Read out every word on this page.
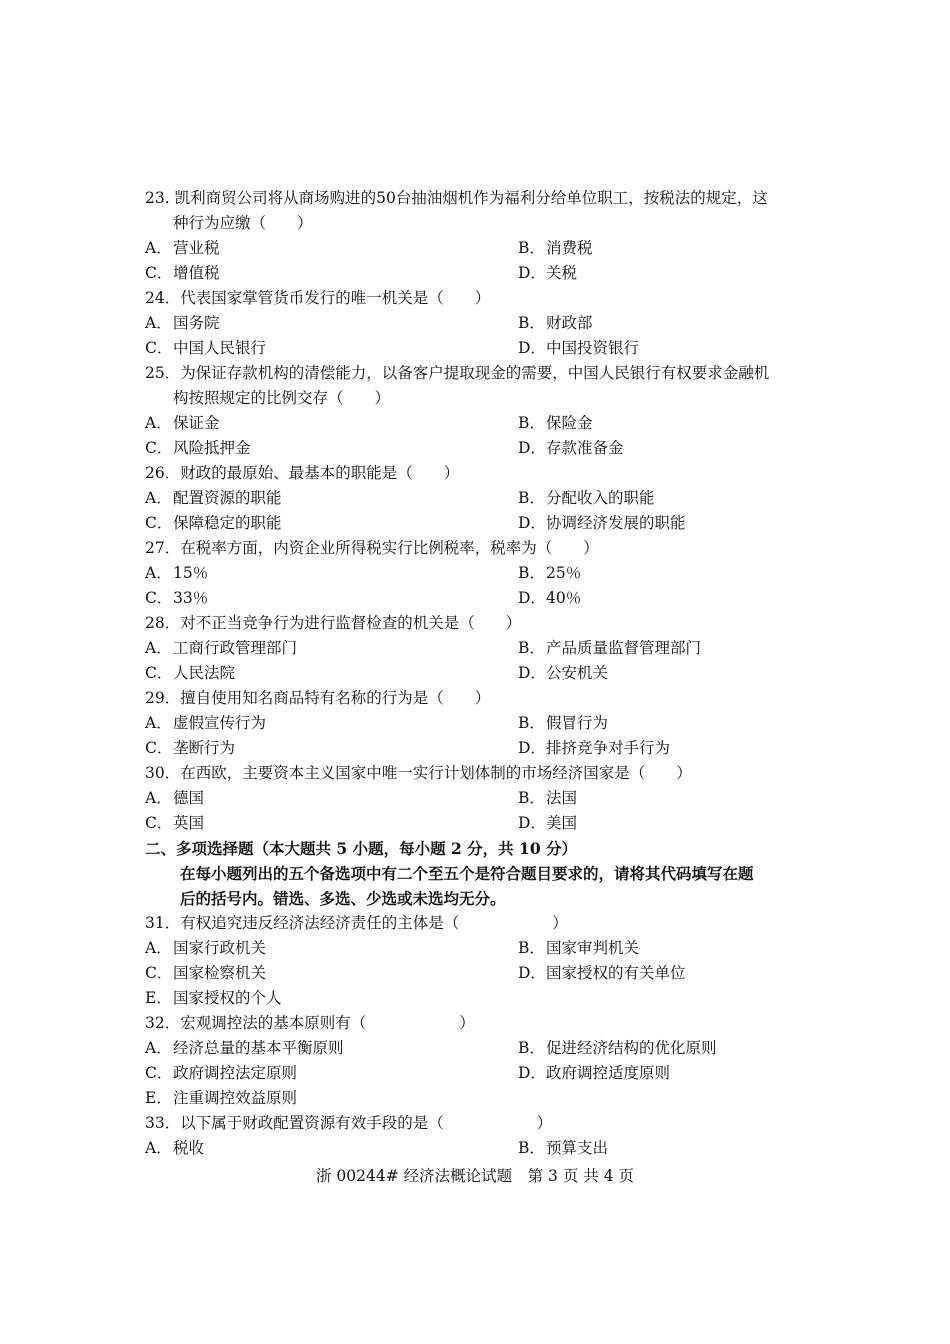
23. 凯利商贸公司将从商场购进的50台抽油烟机作为福利分给单位职工，按税法的规定，这
种行为应缴（　　）
A． 营业税	B． 消费税
C． 增值税	D． 关税
24．代表国家掌管货币发行的唯一机关是（　　）
A． 国务院	B． 财政部
C． 中国人民银行	D． 中国投资银行
25．为保证存款机构的清偿能力，以备客户提取现金的需要，中国人民银行有权要求金融机
构按照规定的比例交存（　　）
A． 保证金	B． 保险金
C． 风险抵押金	D． 存款准备金
26．财政的最原始、最基本的职能是（　　）
A． 配置资源的职能	B． 分配收入的职能
C． 保障稳定的职能	D． 协调经济发展的职能
27．在税率方面，内资企业所得税实行比例税率，税率为（　　）
A． 15％	B． 25％
C． 33％	D． 40％
28．对不正当竞争行为进行监督检查的机关是（　　）
A． 工商行政管理部门	B． 产品质量监督管理部门
C． 人民法院	D． 公安机关
29．擅自使用知名商品特有名称的行为是（　　）
A． 虚假宣传行为	B． 假冒行为
C． 垄断行为	D． 排挤竞争对手行为
30．在西欧，主要资本主义国家中唯一实行计划体制的市场经济国家是（　　）
A． 德国	B． 法国
C． 英国	D． 美国
二、多项选择题（本大题共 5 小题，每小题 2 分，共 10 分）
在每小题列出的五个备选项中有二个至五个是符合题目要求的，请将其代码填写在题
后的括号内。错选、多选、少选或未选均无分。
31．有权追究违反经济法经济责任的主体是（　　　　　　）
A． 国家行政机关	B． 国家审判机关
C． 国家检察机关	D． 国家授权的有关单位
E． 国家授权的个人
32．宏观调控法的基本原则有（　　　　　　）
A． 经济总量的基本平衡原则	B． 促进经济结构的优化原则
C． 政府调控法定原则	D． 政府调控适度原则
E． 注重调控效益原则
33．以下属于财政配置资源有效手段的是（　　　　　　）
A． 税收	B． 预算支出
浙 00244# 经济法概论试题　第 3 页 共 4 页
